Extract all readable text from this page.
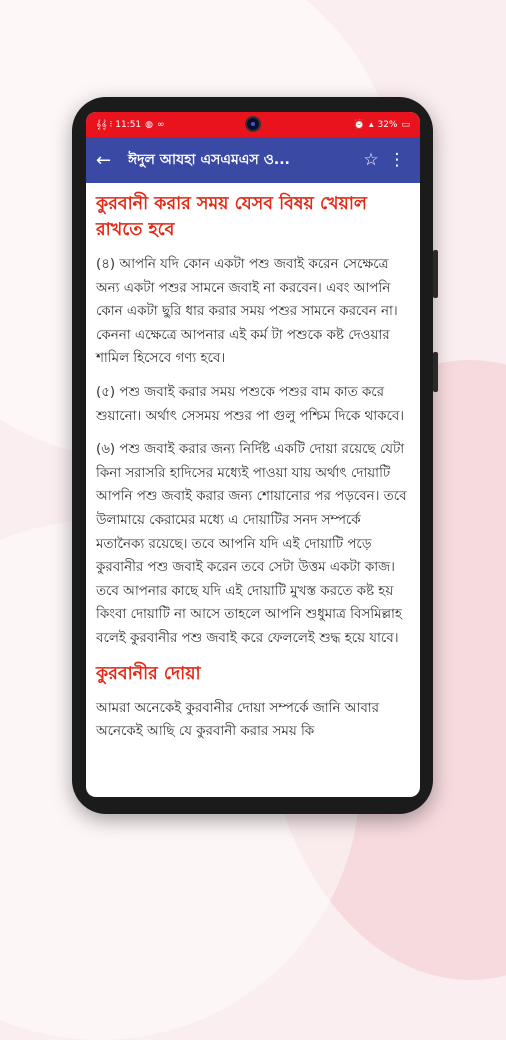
𝄞𝄞 ⁝ 11:51 ◍ ∞	⏰ ▴ 32% ▭
←	ঈদুল আযহা এসএমএস ও...	☆ ⋮

কুরবানী করার সময় যেসব বিষয় খেয়াল রাখতে হবে

(৪) আপনি যদি কোন একটা পশু জবাই করেন সেক্ষেত্রে অন্য একটা পশুর সামনে জবাই না করবেন। এবং আপনি কোন একটা ছুরি ধার করার সময় পশুর সামনে করবেন না। কেননা এক্ষেত্রে আপনার এই কর্ম টা পশুকে কষ্ট দেওয়ার শামিল হিসেবে গণ্য হবে।

(৫) পশু জবাই করার সময় পশুকে পশুর বাম কাত করে শুয়ানো। অর্থাৎ সেসময় পশুর পা গুলু পশ্চিম দিকে থাকবে।

(৬) পশু জবাই করার জন্য নির্দিষ্ট একটি দোয়া রয়েছে যেটা কিনা সরাসরি হাদিসের মধ্যেই পাওয়া যায় অর্থাৎ দোয়াটি আপনি পশু জবাই করার জন্য শোয়ানোর পর পড়বেন। তবে উলামায়ে কেরামের মধ্যে এ দোয়াটির সনদ সম্পর্কে মতানৈক্য রয়েছে। তবে আপনি যদি এই দোয়াটি পড়ে কুরবানীর পশু জবাই করেন তবে সেটা উত্তম একটা কাজ। তবে আপনার কাছে যদি এই দোয়াটি মুখস্ত করতে কষ্ট হয় কিংবা দোয়াটি না আসে তাহলে আপনি শুধুমাত্র বিসমিল্লাহ বলেই কুরবানীর পশু জবাই করে ফেললেই শুদ্ধ হয়ে যাবে।

কুরবানীর দোয়া

আমরা অনেকেই কুরবানীর দোয়া সম্পর্কে জানি আবার অনেকেই আছি যে কুরবানী করার সময় কি
